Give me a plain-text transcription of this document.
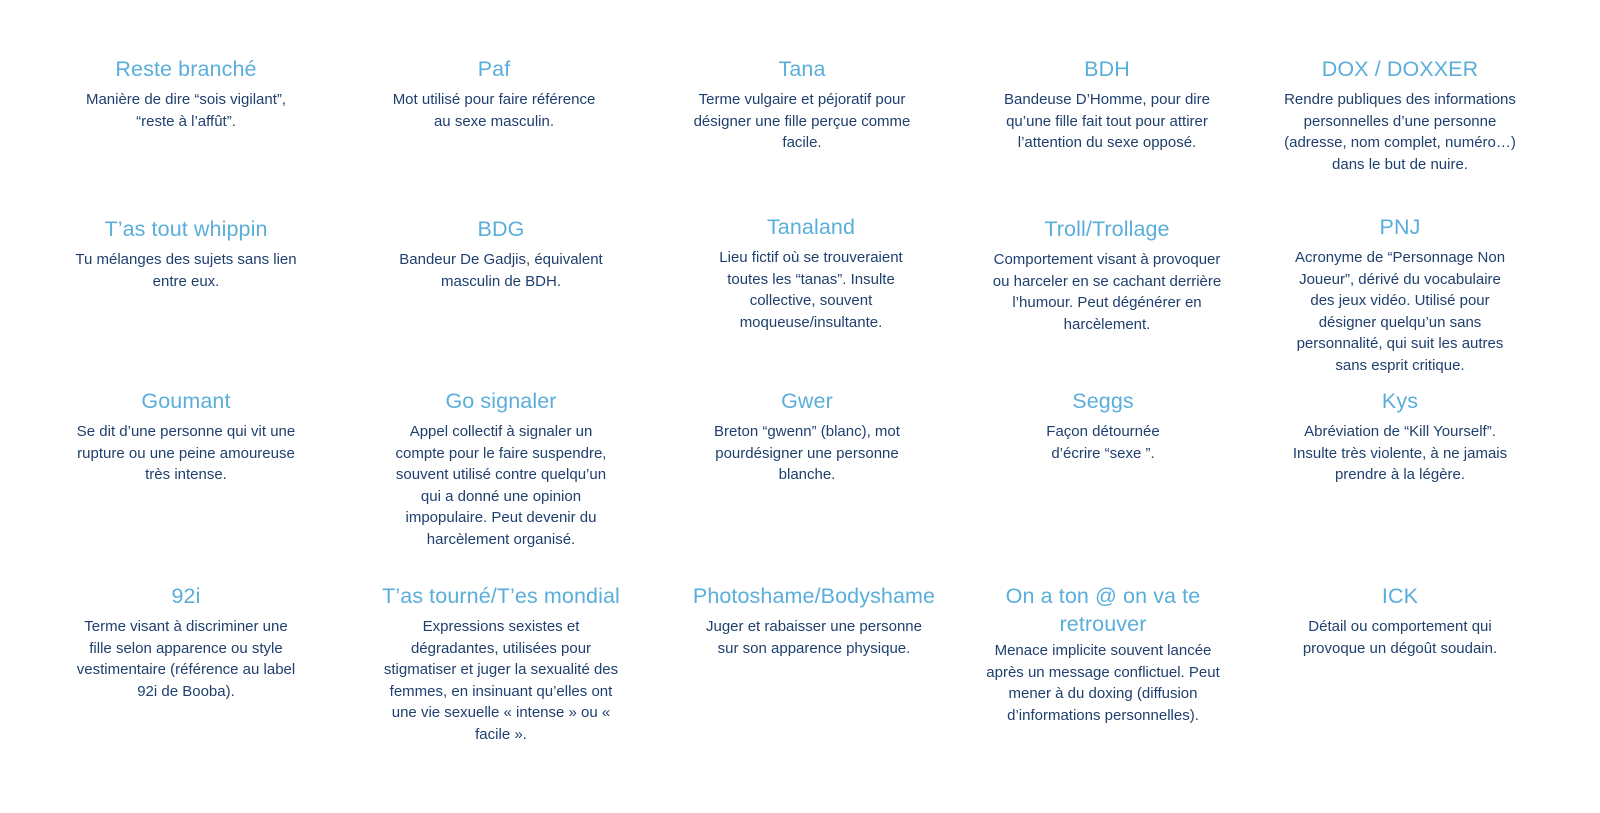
Reste branché

Manière de dire “sois vigilant”, “reste à l’affût”.

Paf

Mot utilisé pour faire référence au sexe masculin.

Tana

Terme vulgaire et péjoratif pour désigner une fille perçue comme facile.

BDH

Bandeuse D’Homme, pour dire qu’une fille fait tout pour attirer l’attention du sexe opposé.

DOX / DOXXER

Rendre publiques des informations personnelles d’une personne (adresse, nom complet, numéro…) dans le but de nuire.

T’as tout whippin

Tu mélanges des sujets sans lien entre eux.

BDG

Bandeur De Gadjis, équivalent masculin de BDH.

Tanaland

Lieu fictif où se trouveraient toutes les “tanas”. Insulte collective, souvent moqueuse/insultante.

Troll/Trollage

Comportement visant à provoquer ou harceler en se cachant derrière l’humour. Peut dégénérer en harcèlement.

PNJ

Acronyme de “Personnage Non Joueur”, dérivé du vocabulaire des jeux vidéo. Utilisé pour désigner quelqu’un sans personnalité, qui suit les autres sans esprit critique.

Goumant

Se dit d’une personne qui vit une rupture ou une peine amoureuse très intense.

Go signaler

Appel collectif à signaler un compte pour le faire suspendre, souvent utilisé contre quelqu’un qui a donné une opinion impopulaire. Peut devenir du harcèlement organisé.

Gwer

Breton “gwenn” (blanc), mot pourdésigner une personne blanche.

Seggs

Façon détournée d’écrire “sexe ”.

Kys

Abréviation de “Kill Yourself”. Insulte très violente, à ne jamais prendre à la légère.

92i

Terme visant à discriminer une fille selon apparence ou style vestimentaire (référence au label 92i de Booba).

T’as tourné/T’es mondial

Expressions sexistes et dégradantes, utilisées pour stigmatiser et juger la sexualité des femmes, en insinuant qu’elles ont une vie sexuelle « intense » ou « facile ».

Photoshame/Bodyshame

Juger et rabaisser une personne sur son apparence physique.

On a ton @ on va te retrouver

Menace implicite souvent lancée après un message conflictuel. Peut mener à du doxing (diffusion d’informations personnelles).

ICK

Détail ou comportement qui provoque un dégoût soudain.
